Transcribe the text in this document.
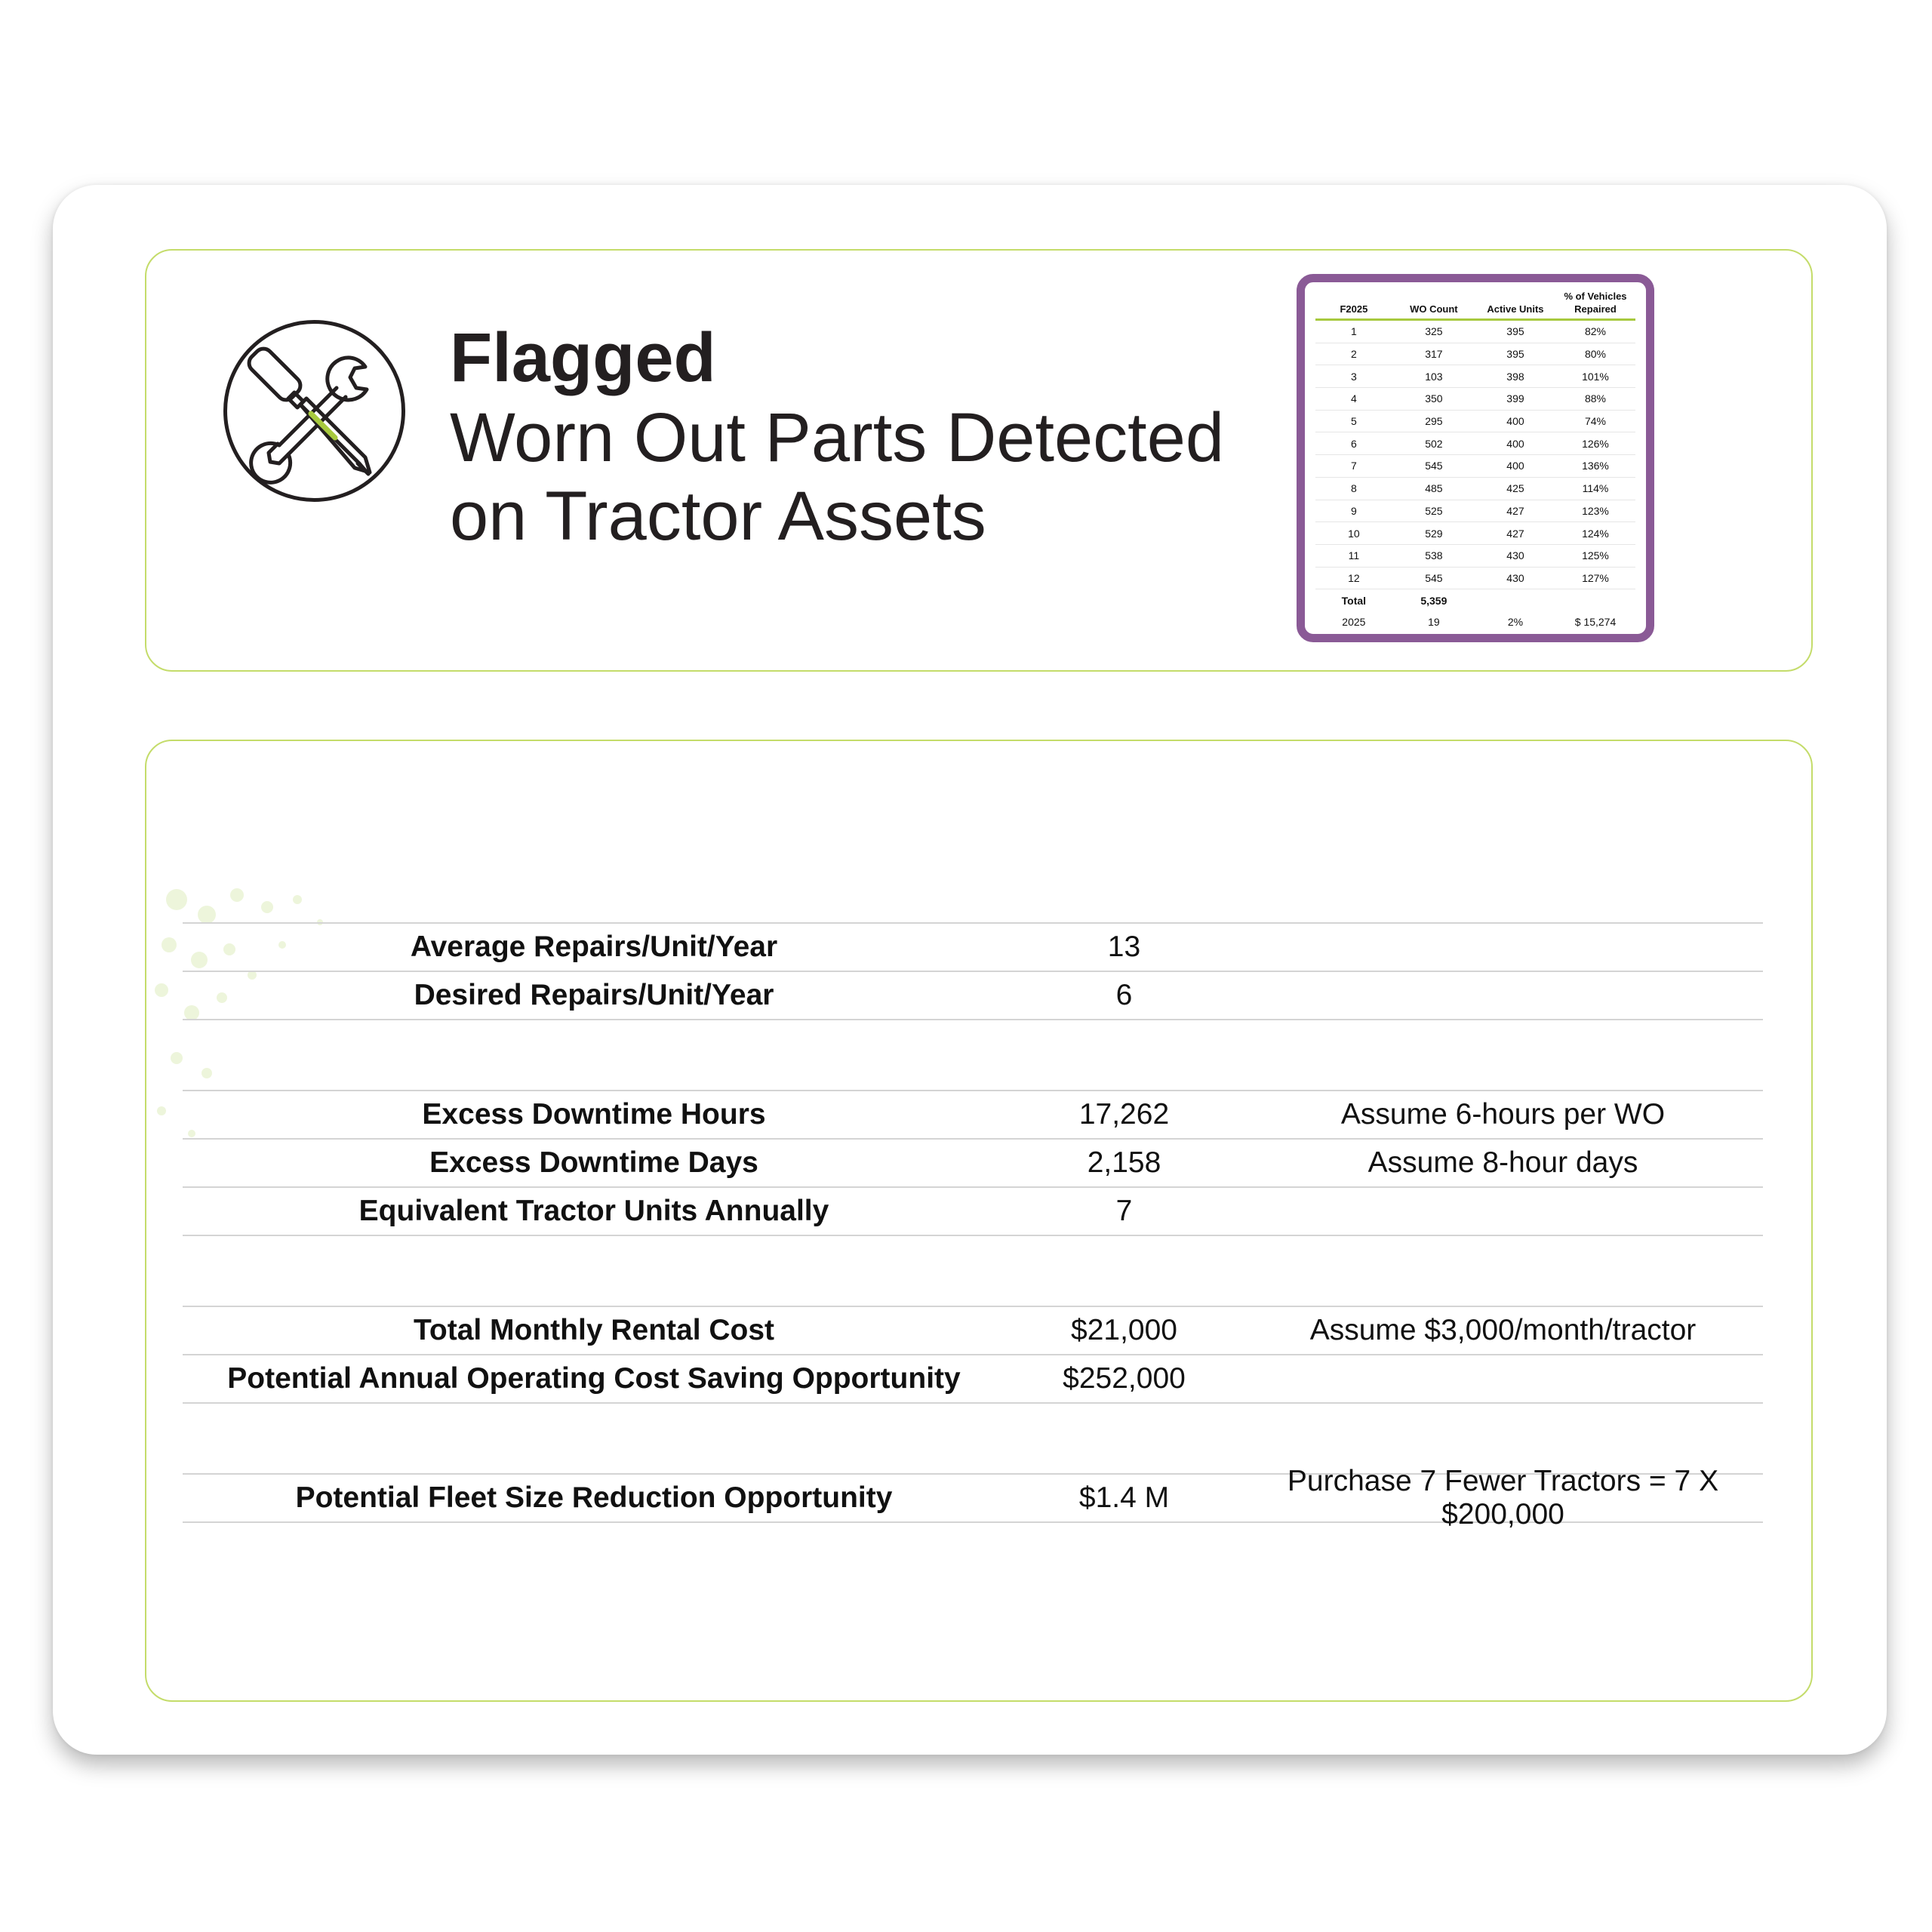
Flagged
Worn Out Parts Detected
on Tractor Assets
			% of Vehicles
F2025	WO Count	Active Units	Repaired
1	325	395	82%
2	317	395	80%
3	103	398	101%
4	350	399	88%
5	295	400	74%
6	502	400	126%
7	545	400	136%
8	485	425	114%
9	525	427	123%
10	529	427	124%
11	538	430	125%
12	545	430	127%
Total	5,359		
2025	19	2%	$ 15,274
Average Repairs/Unit/Year	13
Desired Repairs/Unit/Year	6
Excess Downtime Hours	17,262	Assume 6-hours per WO
Excess Downtime Days	2,158	Assume 8-hour days
Equivalent Tractor Units Annually	7
Total Monthly Rental Cost	$21,000	Assume $3,000/month/tractor
Potential Annual Operating Cost Saving Opportunity	$252,000
Potential Fleet Size Reduction Opportunity	$1.4 M
Purchase 7 Fewer Tractors = 7 X $200,000
